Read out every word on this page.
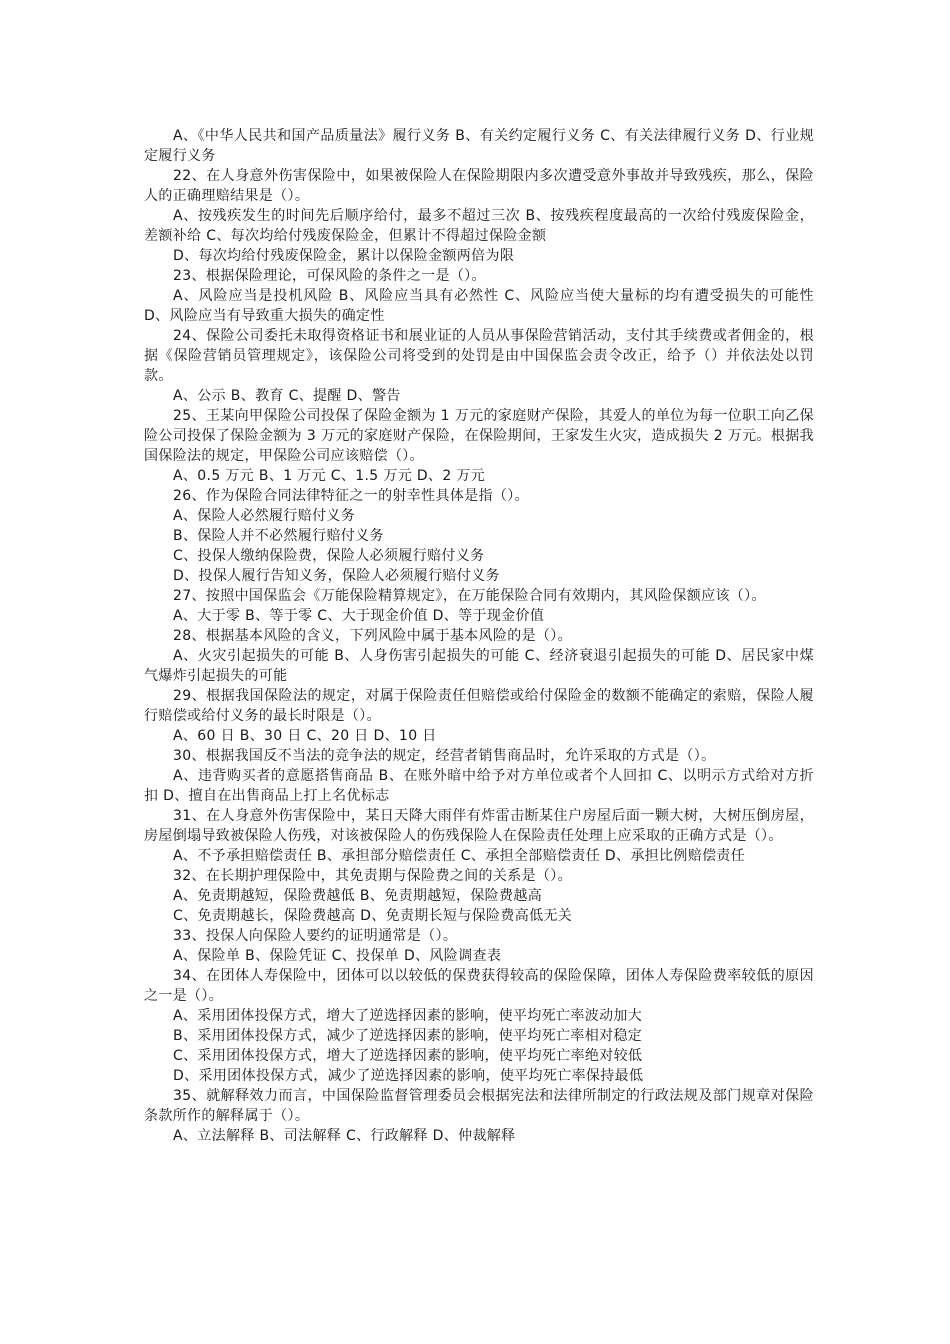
A、《中华人民共和国产品质量法》履行义务 B、有关约定履行义务 C、有关法律履行义务 D、行业规定履行义务

22、在人身意外伤害保险中，如果被保险人在保险期限内多次遭受意外事故并导致残疾，那么，保险人的正确理赔结果是（）。

A、按残疾发生的时间先后顺序给付，最多不超过三次 B、按残疾程度最高的一次给付残废保险金，差额补给 C、每次均给付残废保险金，但累计不得超过保险金额

D、每次均给付残废保险金，累计以保险金额两倍为限

23、根据保险理论，可保风险的条件之一是（）。

A、风险应当是投机风险 B、风险应当具有必然性 C、风险应当使大量标的均有遭受损失的可能性 D、风险应当有导致重大损失的确定性

24、保险公司委托未取得资格证书和展业证的人员从事保险营销活动，支付其手续费或者佣金的，根据《保险营销员管理规定》，该保险公司将受到的处罚是由中国保监会责令改正，给予（）并依法处以罚款。

A、公示 B、教育 C、提醒 D、警告

25、王某向甲保险公司投保了保险金额为 1 万元的家庭财产保险，其爱人的单位为每一位职工向乙保险公司投保了保险金额为 3 万元的家庭财产保险，在保险期间，王家发生火灾，造成损失 2 万元。根据我国保险法的规定，甲保险公司应该赔偿（）。

A、0.5 万元 B、1 万元 C、1.5 万元 D、2 万元

26、作为保险合同法律特征之一的射幸性具体是指（）。

A、保险人必然履行赔付义务

B、保险人并不必然履行赔付义务

C、投保人缴纳保险费，保险人必须履行赔付义务

D、投保人履行告知义务，保险人必须履行赔付义务

27、按照中国保监会《万能保险精算规定》，在万能保险合同有效期内，其风险保额应该（）。

A、大于零 B、等于零 C、大于现金价值 D、等于现金价值

28、根据基本风险的含义，下列风险中属于基本风险的是（）。

A、火灾引起损失的可能 B、人身伤害引起损失的可能 C、经济衰退引起损失的可能 D、居民家中煤气爆炸引起损失的可能

29、根据我国保险法的规定，对属于保险责任但赔偿或给付保险金的数额不能确定的索赔，保险人履行赔偿或给付义务的最长时限是（）。

A、60 日 B、30 日 C、20 日 D、10 日

30、根据我国反不当法的竞争法的规定，经营者销售商品时，允许采取的方式是（）。

A、违背购买者的意愿搭售商品 B、在账外暗中给予对方单位或者个人回扣 C、以明示方式给对方折扣 D、擅自在出售商品上打上名优标志

31、在人身意外伤害保险中，某日天降大雨伴有炸雷击断某住户房屋后面一颗大树，大树压倒房屋，房屋倒塌导致被保险人伤残，对该被保险人的伤残保险人在保险责任处理上应采取的正确方式是（）。

A、不予承担赔偿责任 B、承担部分赔偿责任 C、承担全部赔偿责任 D、承担比例赔偿责任

32、在长期护理保险中，其免责期与保险费之间的关系是（）。

A、免责期越短，保险费越低 B、免责期越短，保险费越高

C、免责期越长，保险费越高 D、免责期长短与保险费高低无关

33、投保人向保险人要约的证明通常是（）。

A、保险单 B、保险凭证 C、投保单 D、风险调查表

34、在团体人寿保险中，团体可以以较低的保费获得较高的保险保障，团体人寿保险费率较低的原因之一是（）。

A、采用团体投保方式，增大了逆选择因素的影响，使平均死亡率波动加大

B、采用团体投保方式，减少了逆选择因素的影响，使平均死亡率相对稳定

C、采用团体投保方式，增大了逆选择因素的影响，使平均死亡率绝对较低

D、采用团体投保方式，减少了逆选择因素的影响，使平均死亡率保持最低

35、就解释效力而言，中国保险监督管理委员会根据宪法和法律所制定的行政法规及部门规章对保险条款所作的解释属于（）。

A、立法解释 B、司法解释 C、行政解释 D、仲裁解释
